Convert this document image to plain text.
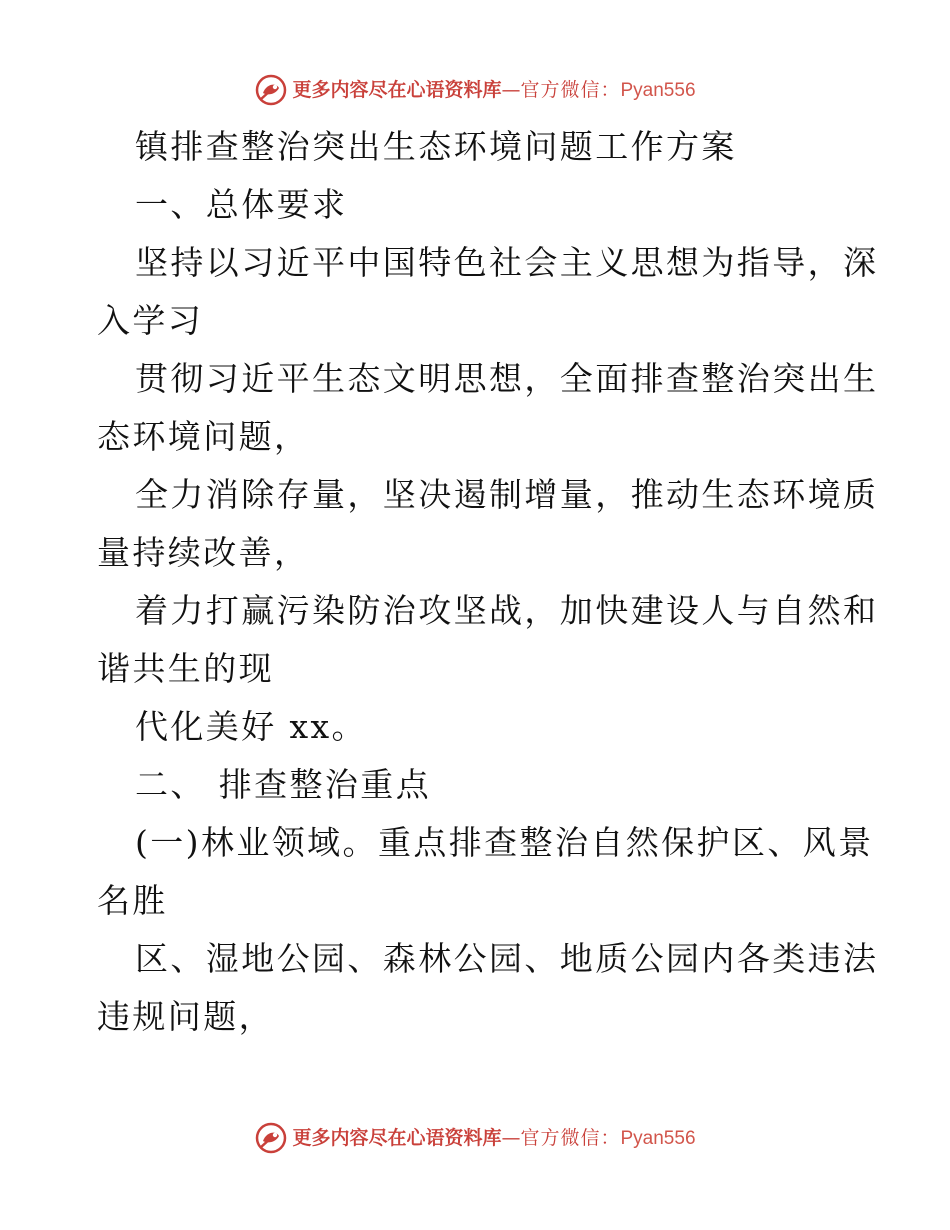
更多内容尽在心语资料库—官方微信：Pyan556
镇排查整治突出生态环境问题工作方案
一、总体要求
坚持以习近平中国特色社会主义思想为指导，深
入学习
贯彻习近平生态文明思想，全面排查整治突出生
态环境问题，
全力消除存量，坚决遏制增量，推动生态环境质
量持续改善，
着力打赢污染防治攻坚战，加快建设人与自然和
谐共生的现
代化美好 xx。
二、 排查整治重点
(一)林业领域。重点排查整治自然保护区、风景
名胜
区、湿地公园、森林公园、地质公园内各类违法
违规问题，
更多内容尽在心语资料库—官方微信：Pyan556
